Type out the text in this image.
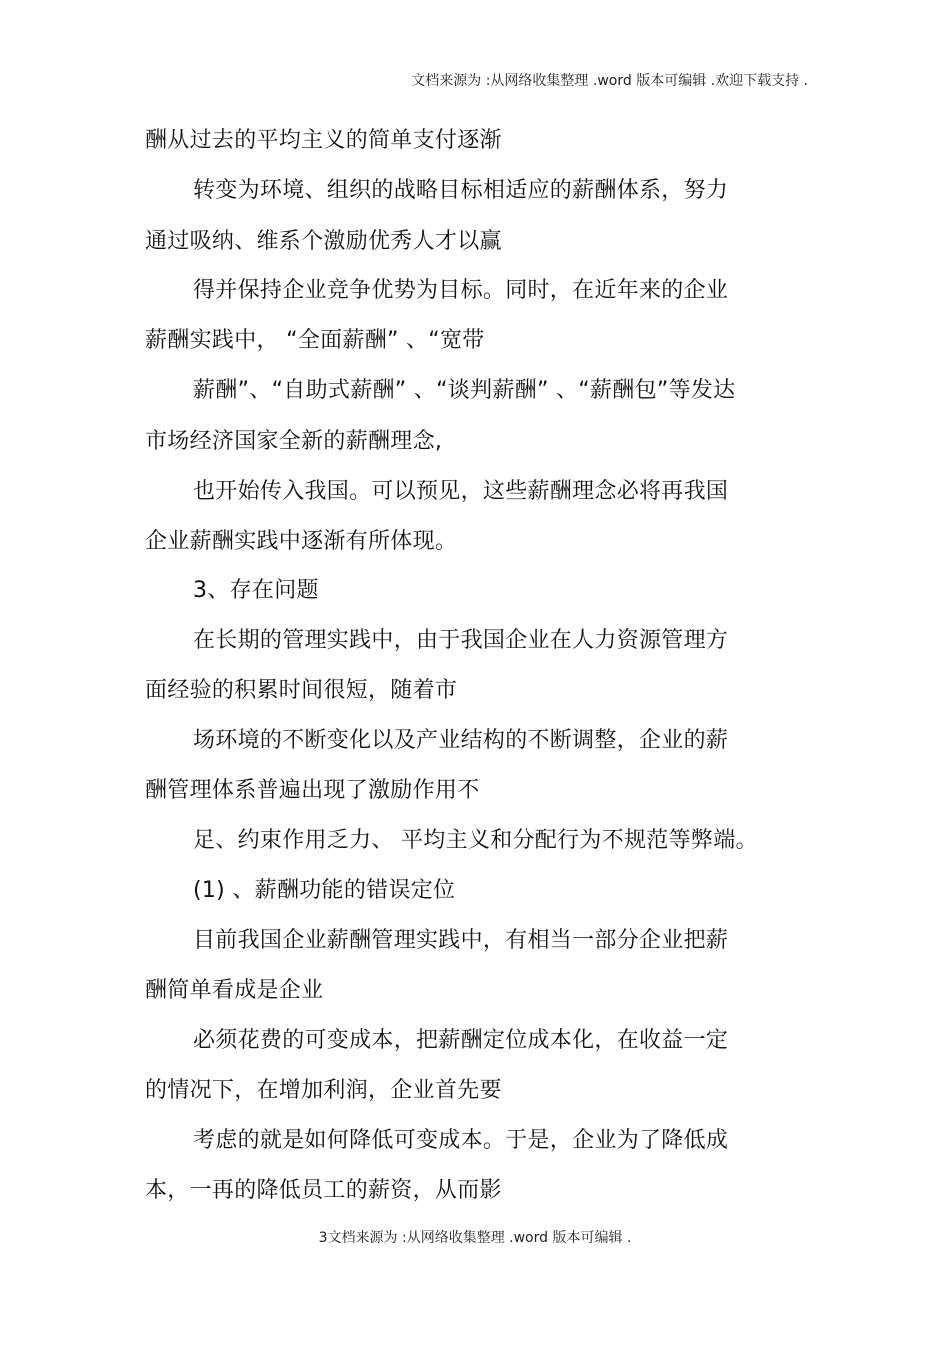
文档来源为 :从网络收集整理 .word 版本可编辑 .欢迎下载支持 .
酬从过去的平均主义的简单支付逐渐
转变为环境、组织的战略目标相适应的薪酬体系，努力
通过吸纳、维系个激励优秀人才以赢
得并保持企业竞争优势为目标。同时，在近年来的企业
薪酬实践中， “全面薪酬” 、“宽带
薪酬”、“自助式薪酬” 、“谈判薪酬” 、“薪酬包”等发达
市场经济国家全新的薪酬理念,
也开始传入我国。可以预见，这些薪酬理念必将再我国
企业薪酬实践中逐渐有所体现。
3、存在问题
在长期的管理实践中，由于我国企业在人力资源管理方
面经验的积累时间很短，随着市
场环境的不断变化以及产业结构的不断调整，企业的薪
酬管理体系普遍出现了激励作用不
足、约束作用乏力、 平均主义和分配行为不规范等弊端。
(1) 、薪酬功能的错误定位
目前我国企业薪酬管理实践中，有相当一部分企业把薪
酬简单看成是企业
必须花费的可变成本，把薪酬定位成本化，在收益一定
的情况下，在增加利润，企业首先要
考虑的就是如何降低可变成本。于是，企业为了降低成
本，一再的降低员工的薪资，从而影
3文档来源为 :从网络收集整理 .word 版本可编辑 .
